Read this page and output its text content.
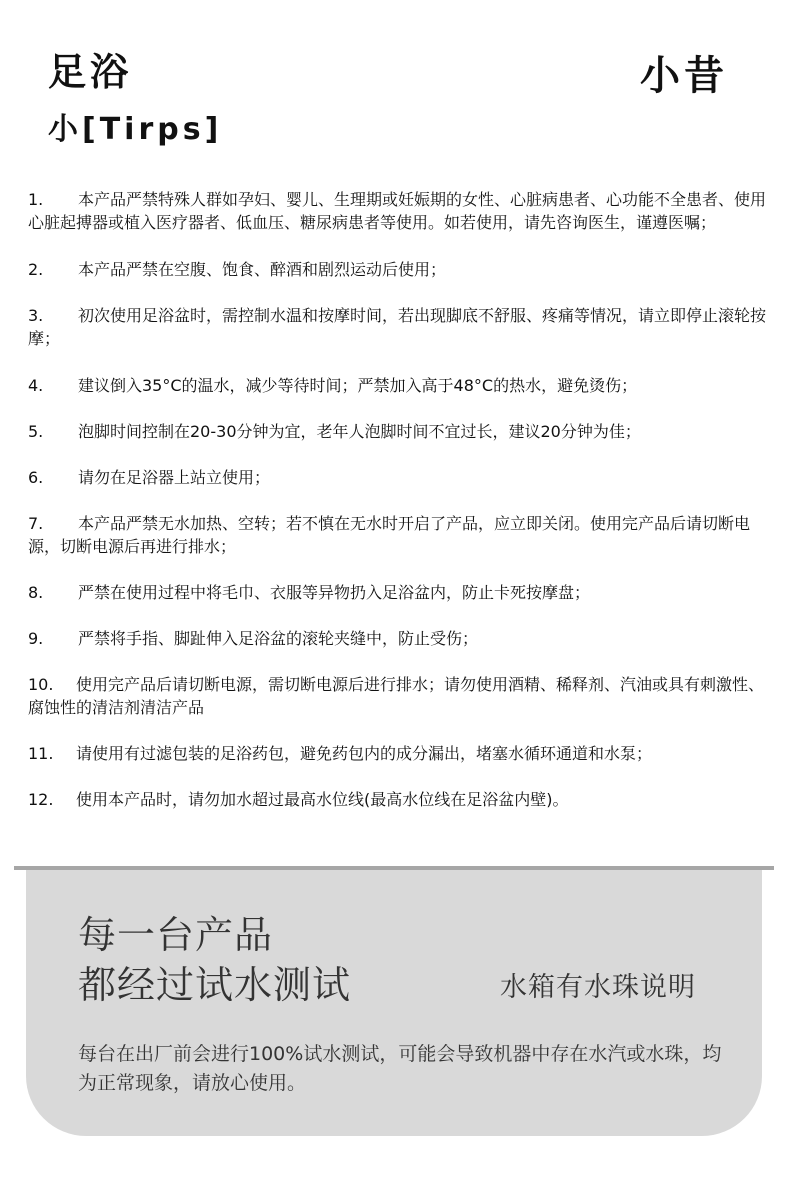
足浴
小[Tirps]
小昔
1. 本产品严禁特殊人群如孕妇、婴儿、生理期或妊娠期的女性、心脏病患者、心功能不全患者、使用心脏起搏器或植入医疗器者、低血压、糖尿病患者等使用。如若使用，请先咨询医生，谨遵医嘱；
2.	本产品严禁在空腹、饱食、醉酒和剧烈运动后使用；
3. 初次使用足浴盆时，需控制水温和按摩时间，若出现脚底不舒服、疼痛等情况，请立即停止滚轮按摩；
4.	建议倒入35°C的温水，减少等待时间；严禁加入高于48°C的热水，避免烫伤；
5.	泡脚时间控制在20-30分钟为宜，老年人泡脚时间不宜过长，建议20分钟为佳；
6.	请勿在足浴器上站立使用；
7. 本产品严禁无水加热、空转；若不慎在无水时开启了产品，应立即关闭。使用完产品后请切断电源，切断电源后再进行排水；
8.	严禁在使用过程中将毛巾、衣服等异物扔入足浴盆内，防止卡死按摩盘；
9.	严禁将手指、脚趾伸入足浴盆的滚轮夹缝中，防止受伤；
10. 使用完产品后请切断电源，需切断电源后进行排水；请勿使用酒精、稀释剂、汽油或具有刺激性、腐蚀性的清洁剂清洁产品
11.	请使用有过滤包装的足浴药包，避免药包内的成分漏出，堵塞水循环通道和水泵；
12.	使用本产品时，请勿加水超过最高水位线(最高水位线在足浴盆内壁)。
每一台产品
都经过试水测试	水箱有水珠说明
每台在出厂前会进行100%试水测试，可能会导致机器中存在水汽或水珠，均为正常现象，请放心使用。
